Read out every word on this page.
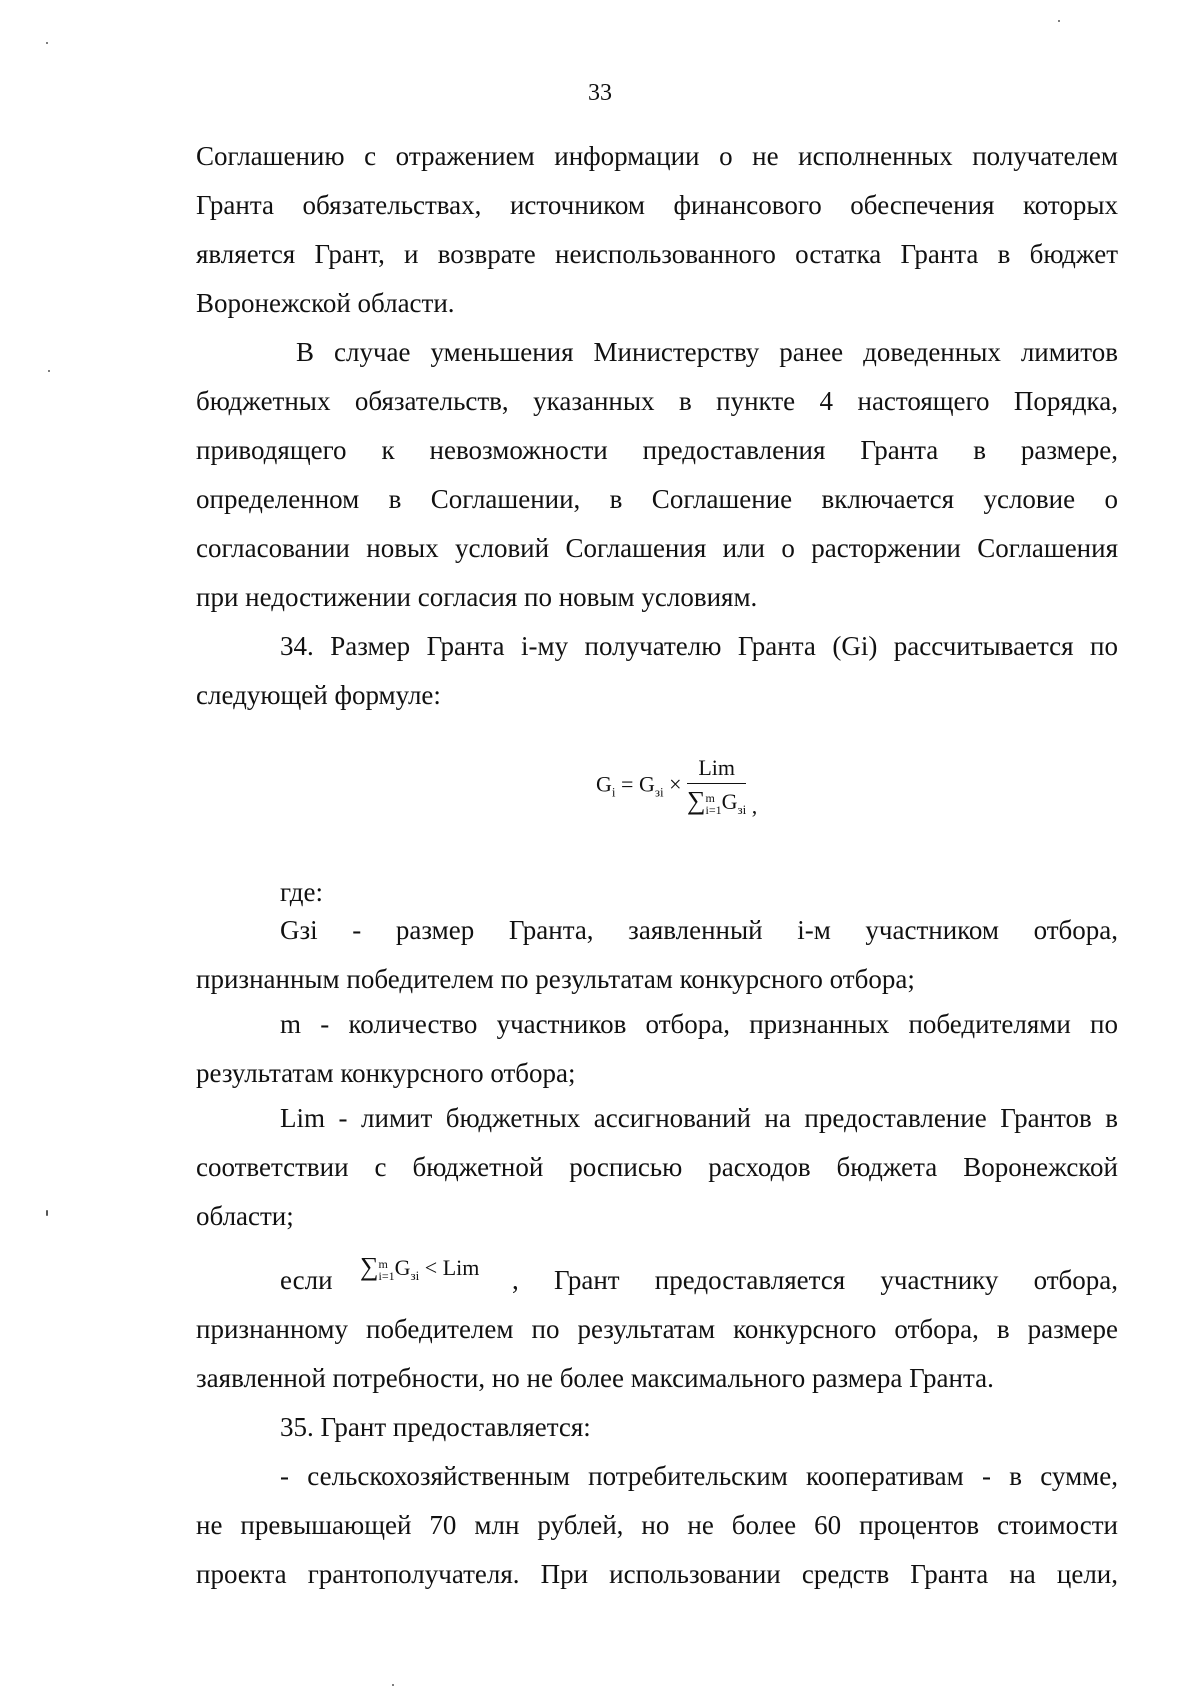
33
Соглашению с отражением информации о не исполненных получателем
Гранта обязательствах, источником финансового обеспечения которых
является Грант, и возврате неиспользованного остатка Гранта в бюджет
Воронежской области.
В случае уменьшения Министерству ранее доведенных лимитов
бюджетных обязательств, указанных в пункте 4 настоящего Порядка,
приводящего к невозможности предоставления Гранта в размере,
определенном в Соглашении, в Соглашение включается условие о
согласовании новых условий Соглашения или о расторжении Соглашения
при недостижении согласия по новым условиям.
34. Размер Гранта i-му получателю Гранта (Gi) рассчитывается по
следующей формуле:
$G_i = G_{зi}$ × Lim
∑ m
i=1 $G_{зi}$ ,
где:
Gзi - размер Гранта, заявленный i-м участником отбора,
признанным победителем по результатам конкурсного отбора;
m - количество участников отбора, признанных победителями по
результатам конкурсного отбора;
Lim - лимит бюджетных ассигнований на предоставление Грантов в
соответствии с бюджетной росписью расходов бюджета Воронежской
области;
если	∑ m
i=1 $G_{зi}$ < Lim , Грант предоставляется участнику отбора,
признанному победителем по результатам конкурсного отбора, в размере
заявленной потребности, но не более максимального размера Гранта.
35. Грант предоставляется:
- сельскохозяйственным потребительским кооперативам - в сумме,
не превышающей 70 млн рублей, но не более 60 процентов стоимости
проекта грантополучателя. При использовании средств Гранта на цели,
